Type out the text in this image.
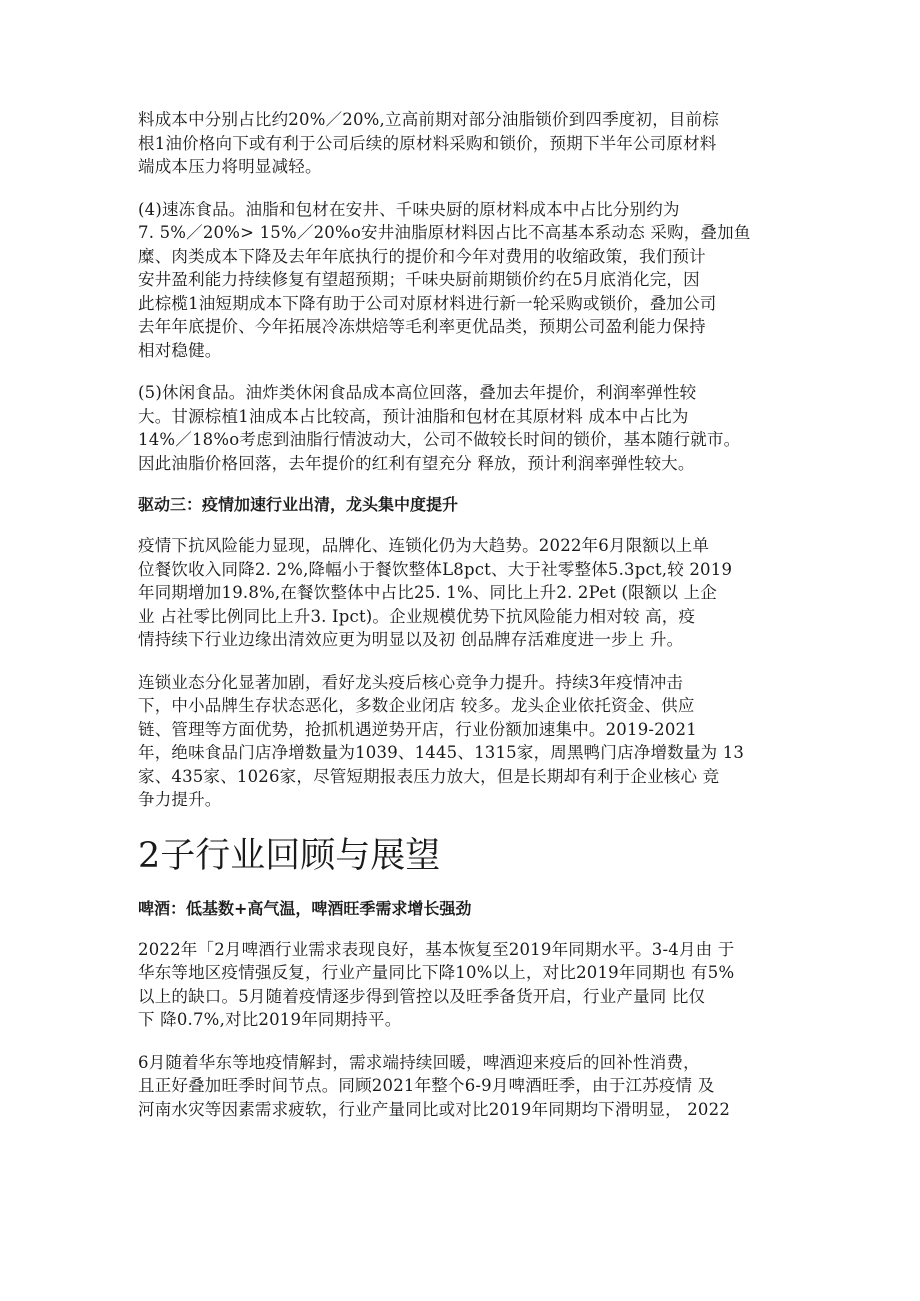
料成本中分别占比约20%／20%,立高前期对部分油脂锁价到四季度初，目前棕
根1油价格向下或有利于公司后续的原材料采购和锁价，预期下半年公司原材料
端成本压力将明显减轻。
(4)速冻食品。油脂和包材在安井、千味央厨的原材料成本中占比分别约为
7. 5%／20%> 15%／20%o安井油脂原材料因占比不高基本系动态 采购，叠加鱼
糜、肉类成本下降及去年年底执行的提价和今年对费用的收缩政策，我们预计
安井盈利能力持续修复有望超预期；千味央厨前期锁价约在5月底消化完，因
此棕榄1油短期成本下降有助于公司对原材料进行新一轮采购或锁价，叠加公司
去年年底提价、今年拓展冷冻烘焙等毛利率更优品类，预期公司盈利能力保持
相对稳健。
(5)休闲食品。油炸类休闲食品成本高位回落，叠加去年提价，利润率弹性较
大。甘源棕植1油成本占比较高，预计油脂和包材在其原材料 成本中占比为
14%／18%o考虑到油脂行情波动大，公司不做较长时间的锁价，基本随行就市。
因此油脂价格回落，去年提价的红利有望充分 释放，预计利润率弹性较大。
驱动三：疫情加速行业出清，龙头集中度提升
疫情下抗风险能力显现，品牌化、连锁化仍为大趋势。2022年6月限额以上单
位餐饮收入同降2. 2%,降幅小于餐饮整体L8pct、大于社零整体5.3pct,较 2019
年同期增加19.8%,在餐饮整体中占比25. 1%、同比上升2. 2Pet (限额以 上企
业 占社零比例同比上升3. Ipct)。企业规模优势下抗风险能力相对较 高，疫
情持续下行业边缘出清效应更为明显以及初 创品牌存活难度进一步上 升。
连锁业态分化显著加剧，看好龙头疫后核心竞争力提升。持续3年疫情冲击
下，中小品牌生存状态恶化，多数企业闭店 较多。龙头企业依托资金、供应
链、管理等方面优势，抢抓机遇逆势开店，行业份额加速集中。2019-2021
年，绝味食品门店净增数量为1039、1445、1315家，周黑鸭门店净增数量为 13
家、435家、1026家，尽管短期报表压力放大，但是长期却有利于企业核心 竞
争力提升。
2子行业回顾与展望
啤酒：低基数+高气温，啤酒旺季需求增长强劲
2022年「2月啤酒行业需求表现良好，基本恢复至2019年同期水平。3-4月由 于
华东等地区疫情强反复，行业产量同比下降10%以上，对比2019年同期也 有5%
以上的缺口。5月随着疫情逐步得到管控以及旺季备货开启，行业产量同 比仅
下 降0.7%,对比2019年同期持平。
6月随着华东等地疫情解封，需求端持续回暖，啤酒迎来疫后的回补性消费，
且正好叠加旺季时间节点。同顾2021年整个6-9月啤酒旺季，由于江苏疫情 及
河南水灾等因素需求疲软，行业产量同比或对比2019年同期均下滑明显， 2022
